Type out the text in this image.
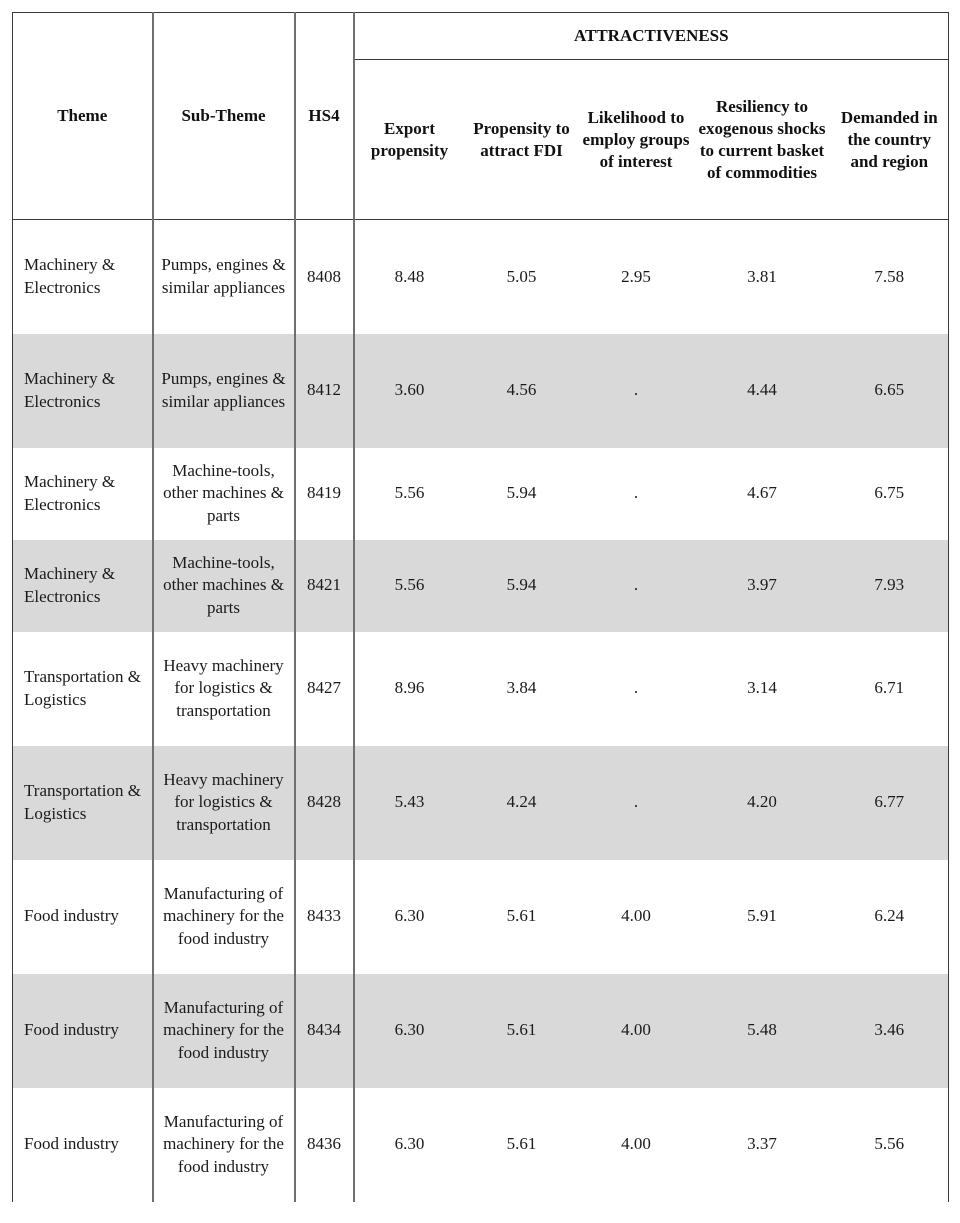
Theme	Sub-Theme	HS4	ATTRACTIVENESS				
			Export propensity	Propensity to attract FDI	Likelihood to employ groups of interest	Resiliency to exogenous shocks to current basket of commodities	Demanded in the country and region
Machinery & Electronics	Pumps, engines & similar appliances	8408	8.48	5.05	2.95	3.81	7.58
Machinery & Electronics	Pumps, engines & similar appliances	8412	3.60	4.56	.	4.44	6.65
Machinery & Electronics	Machine-tools, other machines & parts	8419	5.56	5.94	.	4.67	6.75
Machinery & Electronics	Machine-tools, other machines & parts	8421	5.56	5.94	.	3.97	7.93
Transportation & Logistics	Heavy machinery for logistics & transportation	8427	8.96	3.84	.	3.14	6.71
Transportation & Logistics	Heavy machinery for logistics & transportation	8428	5.43	4.24	.	4.20	6.77
Food industry	Manufacturing of machinery for the food industry	8433	6.30	5.61	4.00	5.91	6.24
Food industry	Manufacturing of machinery for the food industry	8434	6.30	5.61	4.00	5.48	3.46
Food industry	Manufacturing of machinery for the food industry	8436	6.30	5.61	4.00	3.37	5.56
